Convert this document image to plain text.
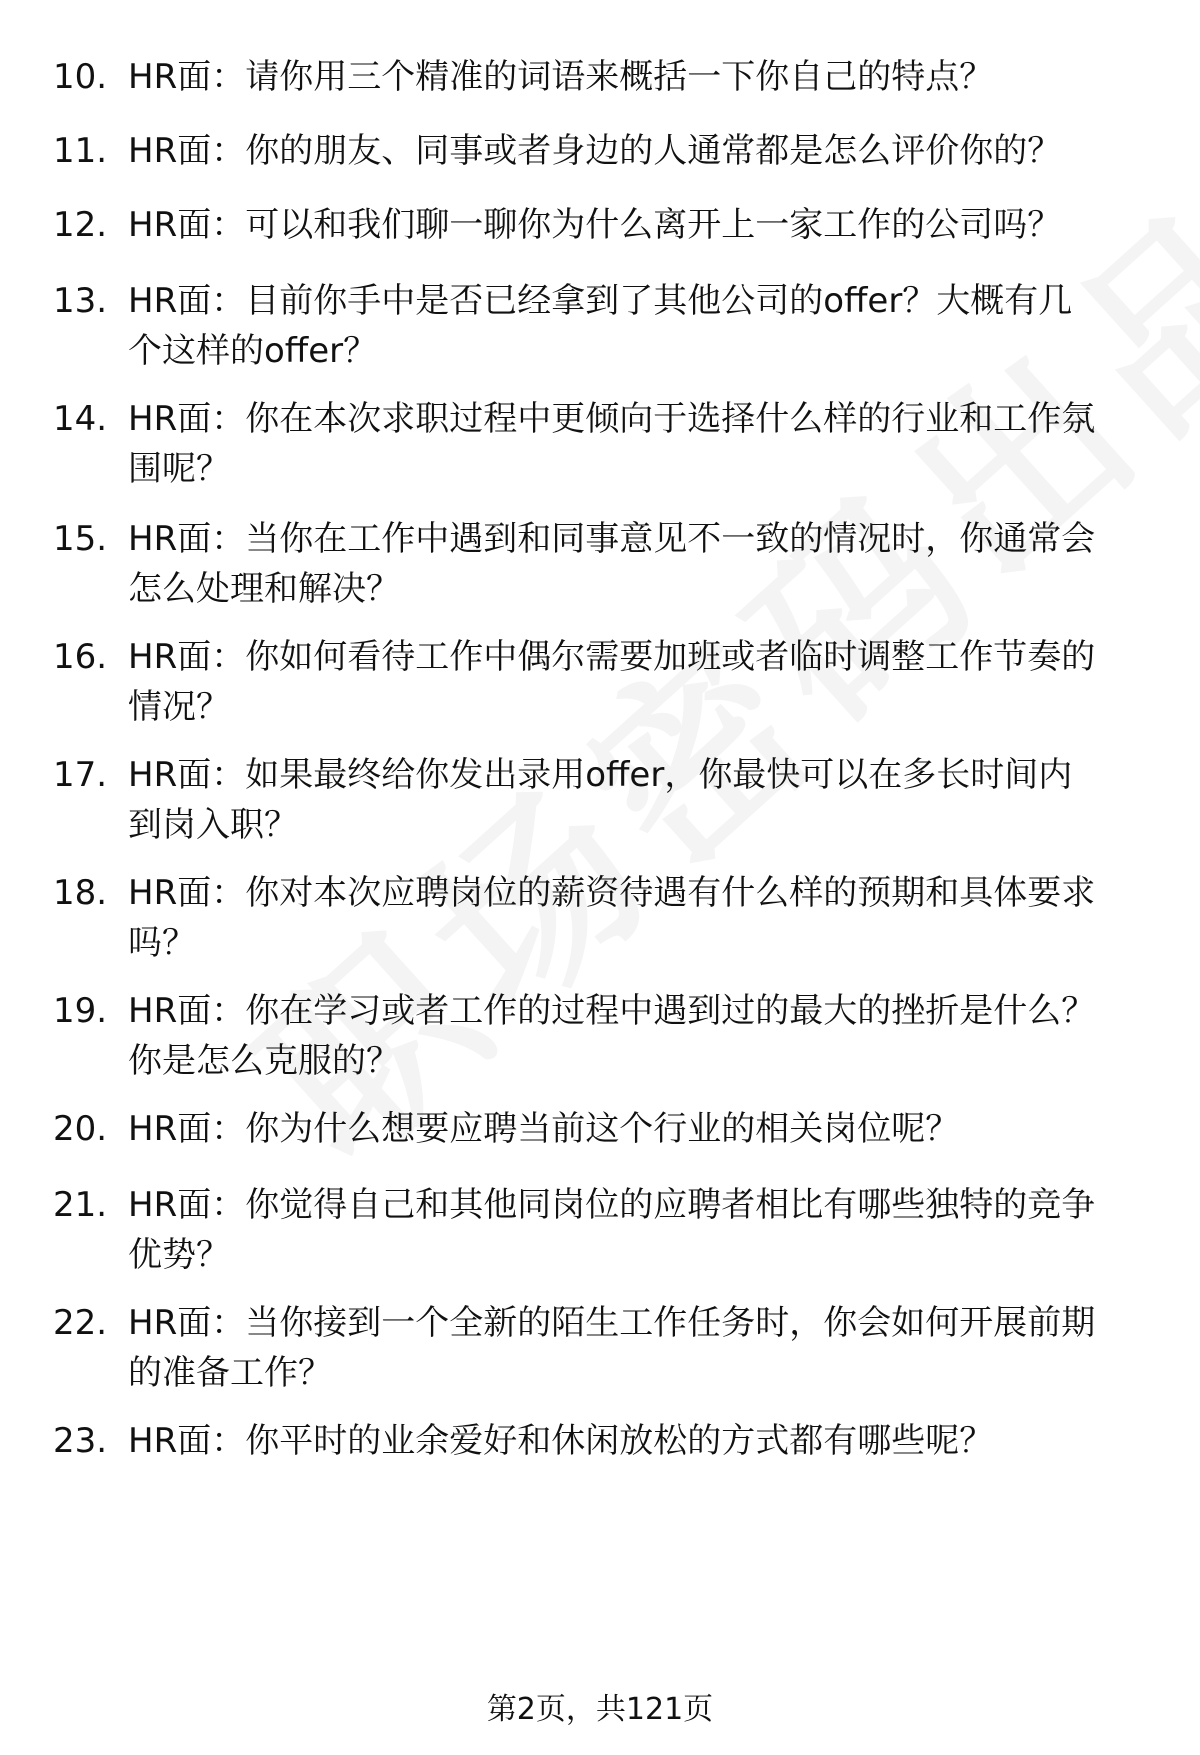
10. HR面：请你用三个精准的词语来概括一下你自己的特点？
11. HR面：你的朋友、同事或者身边的人通常都是怎么评价你的？
12. HR面：可以和我们聊一聊你为什么离开上一家工作的公司吗？
13. HR面：目前你手中是否已经拿到了其他公司的offer？大概有几
个这样的offer？
14. HR面：你在本次求职过程中更倾向于选择什么样的行业和工作氛
围呢？
15. HR面：当你在工作中遇到和同事意见不一致的情况时，你通常会
怎么处理和解决？
16. HR面：你如何看待工作中偶尔需要加班或者临时调整工作节奏的
情况？
17. HR面：如果最终给你发出录用offer，你最快可以在多长时间内
到岗入职？
18. HR面：你对本次应聘岗位的薪资待遇有什么样的预期和具体要求
吗？
19. HR面：你在学习或者工作的过程中遇到过的最大的挫折是什么？
你是怎么克服的？
20. HR面：你为什么想要应聘当前这个行业的相关岗位呢？
21. HR面：你觉得自己和其他同岗位的应聘者相比有哪些独特的竞争
优势？
22. HR面：当你接到一个全新的陌生工作任务时，你会如何开展前期
的准备工作？
23. HR面：你平时的业余爱好和休闲放松的方式都有哪些呢？
第2页，共121页
